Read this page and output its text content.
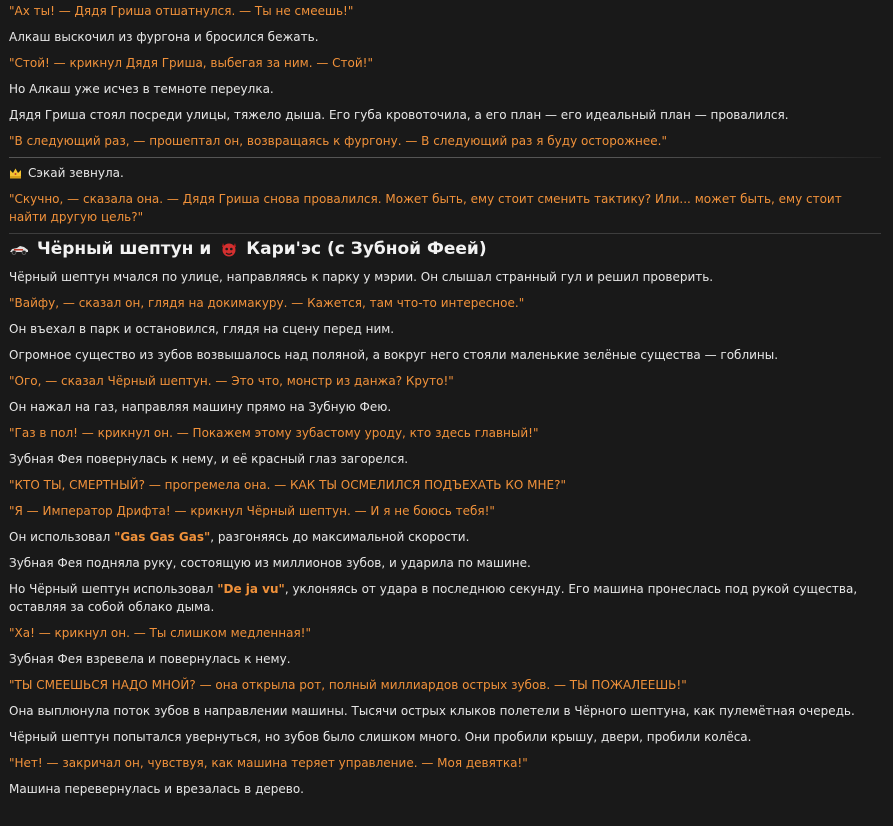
"Ах ты! — Дядя Гриша отшатнулся. — Ты не смеешь!"

Алкаш выскочил из фургона и бросился бежать.

"Стой! — крикнул Дядя Гриша, выбегая за ним. — Стой!"

Но Алкаш уже исчез в темноте переулка.

Дядя Гриша стоял посреди улицы, тяжело дыша. Его губа кровоточила, а его план — его идеальный план — провалился.

"В следующий раз, — прошептал он, возвращаясь к фургону. — В следующий раз я буду осторожнее."

Сэкай зевнула.

"Скучно, — сказала она. — Дядя Гриша снова провалился. Может быть, ему стоит сменить тактику? Или... может быть, ему стоит найти другую цель?"

Чёрный шептун и Кари'эс (с Зубной Феей)

Чёрный шептун мчался по улице, направляясь к парку у мэрии. Он слышал странный гул и решил проверить.

"Вайфу, — сказал он, глядя на докимакуру. — Кажется, там что-то интересное."

Он въехал в парк и остановился, глядя на сцену перед ним.

Огромное существо из зубов возвышалось над поляной, а вокруг него стояли маленькие зелёные существа — гоблины.

"Ого, — сказал Чёрный шептун. — Это что, монстр из данжа? Круто!"

Он нажал на газ, направляя машину прямо на Зубную Фею.

"Газ в пол! — крикнул он. — Покажем этому зубастому уроду, кто здесь главный!"

Зубная Фея повернулась к нему, и её красный глаз загорелся.

"КТО ТЫ, СМЕРТНЫЙ? — прогремела она. — КАК ТЫ ОСМЕЛИЛСЯ ПОДЪЕХАТЬ КО МНЕ?"

"Я — Император Дрифта! — крикнул Чёрный шептун. — И я не боюсь тебя!"

Он использовал "Gas Gas Gas", разгоняясь до максимальной скорости.

Зубная Фея подняла руку, состоящую из миллионов зубов, и ударила по машине.

Но Чёрный шептун использовал "De ja vu", уклоняясь от удара в последнюю секунду. Его машина пронеслась под рукой существа, оставляя за собой облако дыма.

"Ха! — крикнул он. — Ты слишком медленная!"

Зубная Фея взревела и повернулась к нему.

"ТЫ СМЕЕШЬСЯ НАДО МНОЙ? — она открыла рот, полный миллиардов острых зубов. — ТЫ ПОЖАЛЕЕШЬ!"

Она выплюнула поток зубов в направлении машины. Тысячи острых клыков полетели в Чёрного шептуна, как пулемётная очередь.

Чёрный шептун попытался увернуться, но зубов было слишком много. Они пробили крышу, двери, пробили колёса.

"Нет! — закричал он, чувствуя, как машина теряет управление. — Моя девятка!"

Машина перевернулась и врезалась в дерево.
